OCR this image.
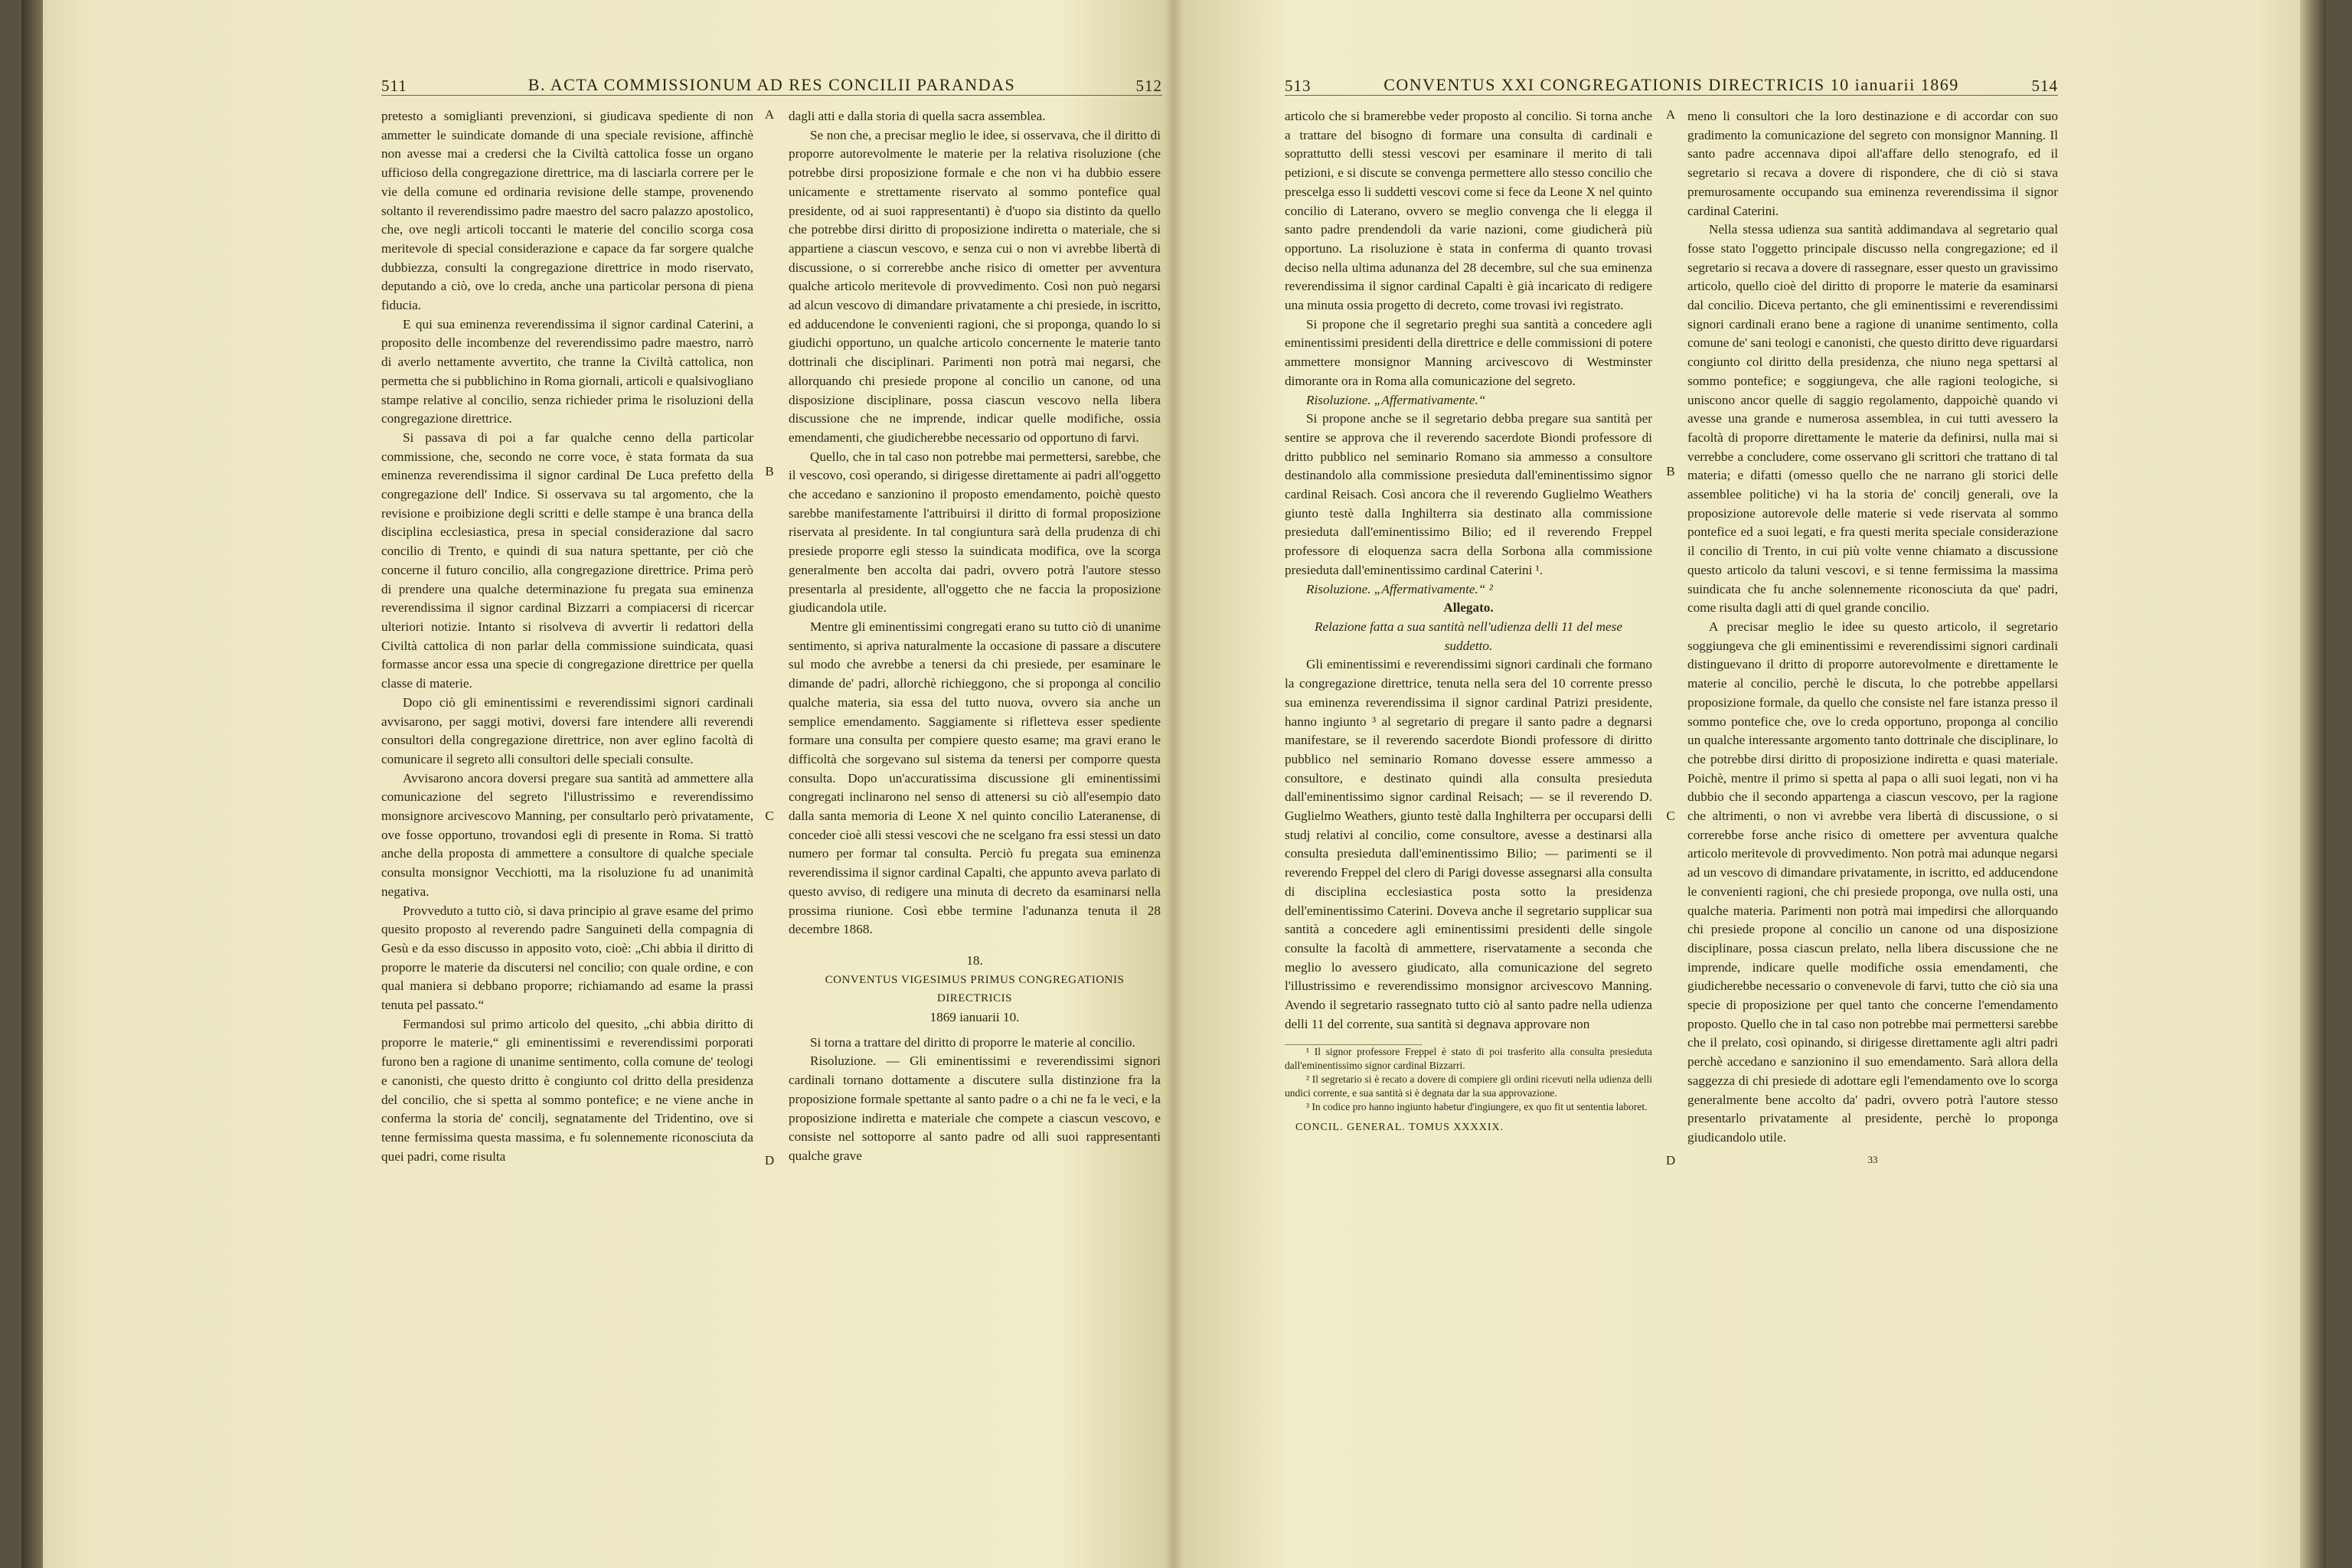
511	B. ACTA COMMISSIONUM AD RES CONCILII PARANDAS	512

pretesto a somiglianti prevenzioni, si giudicava spediente di non ammetter le suindicate domande di una speciale revisione, affinchè non avesse mai a credersi che la Civiltà cattolica fosse un organo ufficioso della congregazione direttrice, ma di lasciarla correre per le vie della comune ed ordinaria revisione delle stampe, provenendo soltanto il reverendissimo padre maestro del sacro palazzo apostolico, che, ove negli articoli toccanti le materie del concilio scorga cosa meritevole di special considerazione e capace da far sorgere qualche dubbiezza, consulti la congregazione direttrice in modo riservato, deputando a ciò, ove lo creda, anche una particolar persona di piena fiducia.

E qui sua eminenza reverendissima il signor cardinal Caterini, a proposito delle incombenze del reverendissimo padre maestro, narrò di averlo nettamente avvertito, che tranne la Civiltà cattolica, non permetta che si pubblichino in Roma giornali, articoli e qualsivogliano stampe relative al concilio, senza richieder prima le risoluzioni della congregazione direttrice.

Si passava di poi a far qualche cenno della particolar commissione, che, secondo ne corre voce, è stata formata da sua eminenza reverendissima il signor cardinal De Luca prefetto della congregazione dell' Indice. Si osservava su tal argomento, che la revisione e proibizione degli scritti e delle stampe è una branca della disciplina ecclesiastica, presa in special considerazione dal sacro concilio di Trento, e quindi di sua natura spettante, per ciò che concerne il futuro concilio, alla congregazione direttrice. Prima però di prendere una qualche determinazione fu pregata sua eminenza reverendissima il signor cardinal Bizzarri a compiacersi di ricercar ulteriori notizie. Intanto si risolveva di avvertir li redattori della Civiltà cattolica di non parlar della commissione suindicata, quasi formasse ancor essa una specie di congregazione direttrice per quella classe di materie.

Dopo ciò gli eminentissimi e reverendissimi signori cardinali avvisarono, per saggi motivi, doversi fare intendere alli reverendi consultori della congregazione direttrice, non aver eglino facoltà di comunicare il segreto alli consultori delle speciali consulte.

Avvisarono ancora doversi pregare sua santità ad ammettere alla comunicazione del segreto l'illustrissimo e reverendissimo monsignore arcivescovo Manning, per consultarlo però privatamente, ove fosse opportuno, trovandosi egli di presente in Roma. Si trattò anche della proposta di ammettere a consultore di qualche speciale consulta monsignor Vecchiotti, ma la risoluzione fu ad unanimità negativa.

Provveduto a tutto ciò, si dava principio al grave esame del primo quesito proposto al reverendo padre Sanguineti della compagnia di Gesù e da esso discusso in apposito voto, cioè: „Chi abbia il diritto di proporre le materie da discutersi nel concilio; con quale ordine, e con qual maniera si debbano proporre; richiamando ad esame la prassi tenuta pel passato.“

Fermandosi sul primo articolo del quesito, „chi abbia diritto di proporre le materie,“ gli eminentissimi e reverendissimi porporati furono ben a ragione di unanime sentimento, colla comune de' teologi e canonisti, che questo dritto è congiunto col dritto della presidenza del concilio, che si spetta al sommo pontefice; e ne viene anche in conferma la storia de' concilj, segnatamente del Tridentino, ove si tenne fermissima questa massima, e fu solennemente riconosciuta da quei padri, come risulta

dagli atti e dalla storia di quella sacra assemblea.

Se non che, a precisar meglio le idee, si osservava, che il diritto di proporre autorevolmente le materie per la relativa risoluzione (che potrebbe dirsi proposizione formale e che non vi ha dubbio essere unicamente e strettamente riservato al sommo pontefice qual presidente, od ai suoi rappresentanti) è d'uopo sia distinto da quello che potrebbe dirsi diritto di proposizione indiretta o materiale, che si appartiene a ciascun vescovo, e senza cui o non vi avrebbe libertà di discussione, o si correrebbe anche risico di ometter per avventura qualche articolo meritevole di provvedimento. Così non può negarsi ad alcun vescovo di dimandare privatamente a chi presiede, in iscritto, ed adducendone le convenienti ragioni, che si proponga, quando lo si giudichi opportuno, un qualche articolo concernente le materie tanto dottrinali che disciplinari. Parimenti non potrà mai negarsi, che allorquando chi presiede propone al concilio un canone, od una disposizione disciplinare, possa ciascun vescovo nella libera discussione che ne imprende, indicar quelle modifiche, ossia emendamenti, che giudicherebbe necessario od opportuno di farvi.

Quello, che in tal caso non potrebbe mai permettersi, sarebbe, che il vescovo, così operando, si dirigesse direttamente ai padri all'oggetto che accedano e sanzionino il proposto emendamento, poichè questo sarebbe manifestamente l'attribuirsi il diritto di formal proposizione riservata al presidente. In tal congiuntura sarà della prudenza di chi presiede proporre egli stesso la suindicata modifica, ove la scorga generalmente ben accolta dai padri, ovvero potrà l'autore stesso presentarla al presidente, all'oggetto che ne faccia la proposizione giudicandola utile.

Mentre gli eminentissimi congregati erano su tutto ciò di unanime sentimento, si apriva naturalmente la occasione di passare a discutere sul modo che avrebbe a tenersi da chi presiede, per esaminare le dimande de' padri, allorchè richieggono, che si proponga al concilio qualche materia, sia essa del tutto nuova, ovvero sia anche un semplice emendamento. Saggiamente si rifletteva esser spediente formare una consulta per compiere questo esame; ma gravi erano le difficoltà che sorgevano sul sistema da tenersi per comporre questa consulta. Dopo un'accuratissima discussione gli eminentissimi congregati inclinarono nel senso di attenersi su ciò all'esempio dato dalla santa memoria di Leone X nel quinto concilio Lateranense, di conceder cioè alli stessi vescovi che ne scelgano fra essi stessi un dato numero per formar tal consulta. Perciò fu pregata sua eminenza reverendissima il signor cardinal Capalti, che appunto aveva parlato di questo avviso, di redigere una minuta di decreto da esaminarsi nella prossima riunione. Così ebbe termine l'adunanza tenuta il 28 decembre 1868.

18.

CONVENTUS VIGESIMUS PRIMUS CONGREGATIONIS

DIRECTRICIS

1869 ianuarii 10.

Si torna a trattare del diritto di proporre le materie al concilio.

Risoluzione. — Gli eminentissimi e reverendissimi signori cardinali tornano dottamente a discutere sulla distinzione fra la proposizione formale spettante al santo padre o a chi ne fa le veci, e la proposizione indiretta e materiale che compete a ciascun vescovo, e consiste nel sottoporre al santo padre od alli suoi rappresentanti qualche grave

A
B
C
D
513	CONVENTUS XXI CONGREGATIONIS DIRECTRICIS 10 ianuarii 1869	514

articolo che si bramerebbe veder proposto al concilio. Si torna anche a trattare del bisogno di formare una consulta di cardinali e soprattutto delli stessi vescovi per esaminare il merito di tali petizioni, e si discute se convenga permettere allo stesso concilio che prescelga esso li suddetti vescovi come si fece da Leone X nel quinto concilio di Laterano, ovvero se meglio convenga che li elegga il santo padre prendendoli da varie nazioni, come giudicherà più opportuno. La risoluzione è stata in conferma di quanto trovasi deciso nella ultima adunanza del 28 decembre, sul che sua eminenza reverendissima il signor cardinal Capalti è già incaricato di redigere una minuta ossia progetto di decreto, come trovasi ivi registrato.

Si propone che il segretario preghi sua santità a concedere agli eminentissimi presidenti della direttrice e delle commissioni di potere ammettere monsignor Manning arcivescovo di Westminster dimorante ora in Roma alla comunicazione del segreto.

Risoluzione. „Affermativamente.“

Si propone anche se il segretario debba pregare sua santità per sentire se approva che il reverendo sacerdote Biondi professore di dritto pubblico nel seminario Romano sia ammesso a consultore destinandolo alla commissione presieduta dall'eminentissimo signor cardinal Reisach. Così ancora che il reverendo Guglielmo Weathers giunto testè dalla Inghilterra sia destinato alla commissione presieduta dall'eminentissimo Bilio; ed il reverendo Freppel professore di eloquenza sacra della Sorbona alla commissione presieduta dall'eminentissimo cardinal Caterini ¹.

Risoluzione. „Affermativamente.“ ²

Allegato.

Relazione fatta a sua santità nell'udienza delli 11 del mese suddetto.

Gli eminentissimi e reverendissimi signori cardinali che formano la congregazione direttrice, tenuta nella sera del 10 corrente presso sua eminenza reverendissima il signor cardinal Patrizi presidente, hanno ingiunto ³ al segretario di pregare il santo padre a degnarsi manifestare, se il reverendo sacerdote Biondi professore di diritto pubblico nel seminario Romano dovesse essere ammesso a consultore, e destinato quindi alla consulta presieduta dall'eminentissimo signor cardinal Reisach; — se il reverendo D. Guglielmo Weathers, giunto testè dalla Inghilterra per occuparsi delli studj relativi al concilio, come consultore, avesse a destinarsi alla consulta presieduta dall'eminentissimo Bilio; — parimenti se il reverendo Freppel del clero di Parigi dovesse assegnarsi alla consulta di disciplina ecclesiastica posta sotto la presidenza dell'eminentissimo Caterini. Doveva anche il segretario supplicar sua santità a concedere agli eminentissimi presidenti delle singole consulte la facoltà di ammettere, riservatamente a seconda che meglio lo avessero giudicato, alla comunicazione del segreto l'illustrissimo e reverendissimo monsignor arcivescovo Manning. Avendo il segretario rassegnato tutto ciò al santo padre nella udienza delli 11 del corrente, sua santità si degnava approvare non

¹ Il signor professore Freppel è stato di poi trasferito alla consulta presieduta dall'eminentissimo signor cardinal Bizzarri.

² Il segretario si è recato a dovere di compiere gli ordini ricevuti nella udienza delli undici corrente, e sua santità si è degnata dar la sua approvazione.

³ In codice pro hanno ingiunto habetur d'ingiungere, ex quo fit ut sententia laboret.

CONCIL. GENERAL. TOMUS XXXXIX.

meno li consultori che la loro destinazione e di accordar con suo gradimento la comunicazione del segreto con monsignor Manning. Il santo padre accennava dipoi all'affare dello stenografo, ed il segretario si recava a dovere di rispondere, che di ciò si stava premurosamente occupando sua eminenza reverendissima il signor cardinal Caterini.

Nella stessa udienza sua santità addimandava al segretario qual fosse stato l'oggetto principale discusso nella congregazione; ed il segretario si recava a dovere di rassegnare, esser questo un gravissimo articolo, quello cioè del diritto di proporre le materie da esaminarsi dal concilio. Diceva pertanto, che gli eminentissimi e reverendissimi signori cardinali erano bene a ragione di unanime sentimento, colla comune de' sani teologi e canonisti, che questo diritto deve riguardarsi congiunto col diritto della presidenza, che niuno nega spettarsi al sommo pontefice; e soggiungeva, che alle ragioni teologiche, si uniscono ancor quelle di saggio regolamento, dappoichè quando vi avesse una grande e numerosa assemblea, in cui tutti avessero la facoltà di proporre direttamente le materie da definirsi, nulla mai si verrebbe a concludere, come osservano gli scrittori che trattano di tal materia; e difatti (omesso quello che ne narrano gli storici delle assemblee politiche) vi ha la storia de' concilj generali, ove la proposizione autorevole delle materie si vede riservata al sommo pontefice ed a suoi legati, e fra questi merita speciale considerazione il concilio di Trento, in cui più volte venne chiamato a discussione questo articolo da taluni vescovi, e si tenne fermissima la massima suindicata che fu anche solennemente riconosciuta da que' padri, come risulta dagli atti di quel grande concilio.

A precisar meglio le idee su questo articolo, il segretario soggiungeva che gli eminentissimi e reverendissimi signori cardinali distinguevano il dritto di proporre autorevolmente e direttamente le materie al concilio, perchè le discuta, lo che potrebbe appellarsi proposizione formale, da quello che consiste nel fare istanza presso il sommo pontefice che, ove lo creda opportuno, proponga al concilio un qualche interessante argomento tanto dottrinale che disciplinare, lo che potrebbe dirsi diritto di proposizione indiretta e quasi materiale. Poichè, mentre il primo si spetta al papa o alli suoi legati, non vi ha dubbio che il secondo appartenga a ciascun vescovo, per la ragione che altrimenti, o non vi avrebbe vera libertà di discussione, o si correrebbe forse anche risico di omettere per avventura qualche articolo meritevole di provvedimento. Non potrà mai adunque negarsi ad un vescovo di dimandare privatamente, in iscritto, ed adducendone le convenienti ragioni, che chi presiede proponga, ove nulla osti, una qualche materia. Parimenti non potrà mai impedirsi che allorquando chi presiede propone al concilio un canone od una disposizione disciplinare, possa ciascun prelato, nella libera discussione che ne imprende, indicare quelle modifiche ossia emendamenti, che giudicherebbe necessario o convenevole di farvi, tutto che ciò sia una specie di proposizione per quel tanto che concerne l'emendamento proposto. Quello che in tal caso non potrebbe mai permettersi sarebbe che il prelato, così opinando, si dirigesse direttamente agli altri padri perchè accedano e sanzionino il suo emendamento. Sarà allora della saggezza di chi presiede di adottare egli l'emendamento ove lo scorga generalmente bene accolto da' padri, ovvero potrà l'autore stesso presentarlo privatamente al presidente, perchè lo proponga giudicandolo utile.

33

A
B
C
D
